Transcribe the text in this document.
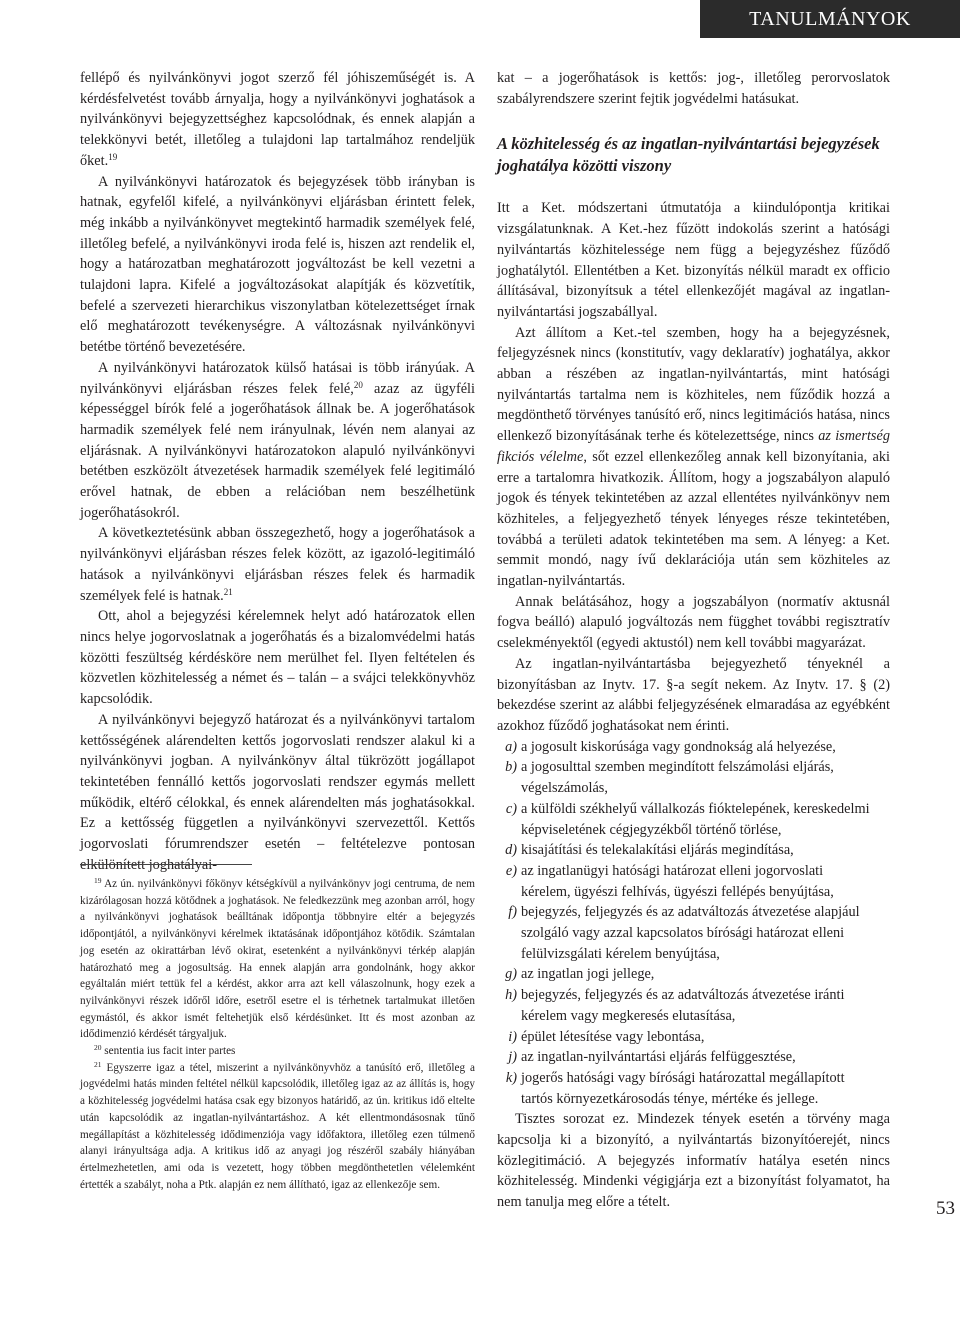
TANULMÁNYOK

fellépő és nyilvánkönyvi jogot szerző fél jóhiszeműségét is. A kérdésfelvetést tovább árnyalja, hogy a nyilvánkönyvi joghatások a nyilvánkönyvi bejegyzettséghez kapcsolódnak, és ennek alapján a telekkönyvi betét, illetőleg a tulajdoni lap tartalmához rendeljük őket.$^{19}$

A nyilvánkönyvi határozatok és bejegyzések több irányban is hatnak, egyfelől kifelé, a nyilvánkönyvi eljárásban érintett felek, még inkább a nyilvánkönyvet megtekintő harmadik személyek felé, illetőleg befelé, a nyilvánkönyvi iroda felé is, hiszen azt rendelik el, hogy a határozatban meghatározott jogváltozást be kell vezetni a tulajdoni lapra. Kifelé a jogváltozásokat alapítják és közvetítik, befelé a szervezeti hierarchikus viszonylatban kötelezettséget írnak elő meghatározott tevékenységre. A változásnak nyilvánkönyvi betétbe történő bevezetésére.

A nyilvánkönyvi határozatok külső hatásai is több irányúak. A nyilvánkönyvi eljárásban részes felek felé,$^{20}$ azaz az ügyféli képességgel bírók felé a jogerőhatások állnak be. A jogerőhatások harmadik személyek felé nem irányulnak, lévén nem alanyai az eljárásnak. A nyilvánkönyvi határozatokon alapuló nyilvánkönyvi betétben eszközölt átvezetések harmadik személyek felé legitimáló erővel hatnak, de ebben a relációban nem beszélhetünk jogerőhatásokról.

A következtetésünk abban összegezhető, hogy a jogerőhatások a nyilvánkönyvi eljárásban részes felek között, az igazoló-legitimáló hatások a nyilvánkönyvi eljárásban részes felek és harmadik személyek felé is hatnak.$^{21}$

Ott, ahol a bejegyzési kérelemnek helyt adó határozatok ellen nincs helye jogorvoslatnak a jogerőhatás és a bizalomvédelmi hatás közötti feszültség kérdésköre nem merülhet fel. Ilyen feltételen és közvetlen közhitelesség a német és – talán – a svájci telekkönyvhöz kapcsolódik.

A nyilvánkönyvi bejegyző határozat és a nyilvánkönyvi tartalom kettősségének alárendelten kettős jogorvoslati rendszer alakul ki a nyilvánkönyvi jogban. A nyilvánkönyv által tükrözött jogállapot tekintetében fennálló kettős jogorvoslati rendszer egymás mellett működik, eltérő célokkal, és ennek alárendelten más joghatásokkal. Ez a kettősség független a nyilvánkönyvi szervezettől. Kettős jogorvoslati fórumrendszer esetén – feltételezve pontosan elkülönített joghatályai-

$^{19}$ Az ún. nyilvánkönyvi főkönyv kétségkívül a nyilvánkönyv jogi centruma, de nem kizárólagosan hozzá kötődnek a joghatások. Ne feledkezzünk meg azonban arról, hogy a nyilvánkönyvi joghatások beálltának időpontja többnyire eltér a bejegyzés időpontjától, a nyilvánkönyvi kérelmek iktatásának időpontjához kötődik. Számtalan jog esetén az okirattárban lévő okirat, esetenként a nyilvánkönyvi térkép alapján határozható meg a jogosultság. Ha ennek alapján arra gondolnánk, hogy akkor egyáltalán miért tettük fel a kérdést, akkor arra azt kell válaszolnunk, hogy ezek a nyilvánkönyvi részek időről időre, esetről esetre el is térhetnek tartalmukat illetően egymástól, és akkor ismét feltehetjük első kérdésünket. Itt és most azonban az idődimenzió kérdését tárgyaljuk.

$^{20}$ sententia ius facit inter partes

$^{21}$ Egyszerre igaz a tétel, miszerint a nyilvánkönyvhöz a tanúsító erő, illetőleg a jogvédelmi hatás minden feltétel nélkül kapcsolódik, illetőleg igaz az az állítás is, hogy a közhitelesség jogvédelmi hatása csak egy bizonyos határidő, az ún. kritikus idő eltelte után kapcsolódik az ingatlan-nyilvántartáshoz. A két ellentmondásosnak tűnő megállapítást a közhitelesség idődimenziója vagy időfaktora, illetőleg ezen túlmenő alanyi irányultsága adja. A kritikus idő az anyagi jog részéről szabály hiányában értelmezhetetlen, ami oda is vezetett, hogy többen megdönthetetlen vélelemként értették a szabályt, noha a Ptk. alapján ez nem állítható, igaz az ellenkezője sem.

kat – a jogerőhatások is kettős: jog-, illetőleg perorvoslatok szabályrendszere szerint fejtik jogvédelmi hatásukat.

A közhitelesség és az ingatlan-nyilvántartási bejegyzések joghatálya közötti viszony

Itt a Ket. módszertani útmutatója a kiindulópontja kritikai vizsgálatunknak. A Ket.-hez fűzött indokolás szerint a hatósági nyilvántartás közhitelessége nem függ a bejegyzéshez fűződő joghatálytól. Ellentétben a Ket. bizonyítás nélkül maradt ex officio állításával, bizonyítsuk a tétel ellenkezőjét magával az ingatlan-nyilvántartási jogszabállyal.

Azt állítom a Ket.-tel szemben, hogy ha a bejegyzésnek, feljegyzésnek nincs (konstitutív, vagy deklaratív) joghatálya, akkor abban a részében az ingatlan-nyilvántartás, mint hatósági nyilvántartás tartalma nem is közhiteles, nem fűződik hozzá a megdönthető törvényes tanúsító erő, nincs legitimációs hatása, nincs ellenkező bizonyításának terhe és kötelezettsége, nincs az ismertség fikciós vélelme, sőt ezzel ellenkezőleg annak kell bizonyítania, aki erre a tartalomra hivatkozik. Állítom, hogy a jogszabályon alapuló jogok és tények tekintetében az azzal ellentétes nyilvánkönyv nem közhiteles, a feljegyezhető tények lényeges része tekintetében, továbbá a területi adatok tekintetében ma sem. A lényeg: a Ket. semmit mondó, nagy ívű deklarációja után sem közhiteles az ingatlan-nyilvántartás.

Annak belátásához, hogy a jogszabályon (normatív aktusnál fogva beálló) alapuló jogváltozás nem függhet további regisztratív cselekményektől (egyedi aktustól) nem kell további magyarázat.

Az ingatlan-nyilvántartásba bejegyezhető tényeknél a bizonyításban az Inytv. 17. §-a segít nekem. Az Inytv. 17. § (2) bekezdése szerint az alábbi feljegyzésének elmaradása az egyébként azokhoz fűződő joghatásokat nem érinti.

a) a jogosult kiskorúsága vagy gondnokság alá helyezése,
b) a jogosulttal szemben megindított felszámolási eljárás, végelszámolás,
c) a külföldi székhelyű vállalkozás fióktelepének, kereskedelmi képviseletének cégjegyzékből történő törlése,
d) kisajátítási és telekalakítási eljárás megindítása,
e) az ingatlanügyi hatósági határozat elleni jogorvoslati kérelem, ügyészi felhívás, ügyészi fellépés benyújtása,
f) bejegyzés, feljegyzés és az adatváltozás átvezetése alapjául szolgáló vagy azzal kapcsolatos bírósági határozat elleni felülvizsgálati kérelem benyújtása,
g) az ingatlan jogi jellege,
h) bejegyzés, feljegyzés és az adatváltozás átvezetése iránti kérelem vagy megkeresés elutasítása,
i) épület létesítése vagy lebontása,
j) az ingatlan-nyilvántartási eljárás felfüggesztése,
k) jogerős hatósági vagy bírósági határozattal megállapított tartós környezetkárosodás ténye, mértéke és jellege.

Tisztes sorozat ez. Mindezek tények esetén a törvény maga kapcsolja ki a bizonyító, a nyilvántartás bizonyítóerejét, nincs közlegitimáció. A bejegyzés informatív hatálya esetén nincs közhitelesség. Mindenki végigjárja ezt a bizonyítást folyamatot, ha nem tanulja meg előre a tételt.	53
